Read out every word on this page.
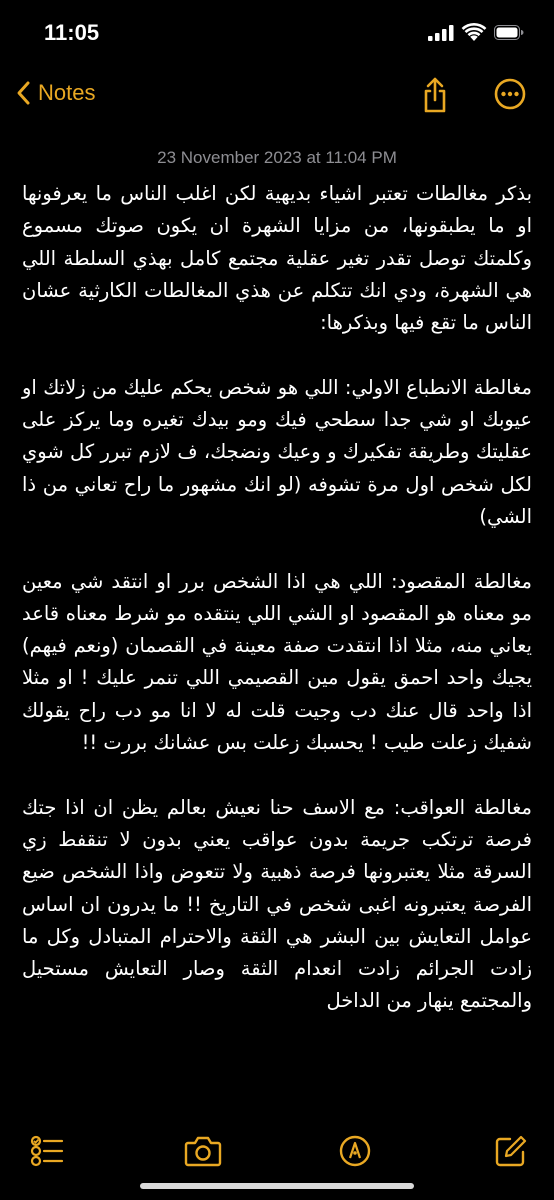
11:05
Notes
23 November 2023 at 11:04 PM
بذكر مغالطات تعتبر اشياء بديهية لكن اغلب الناس ما يعرفونها او ما يطبقونها، من مزايا الشهرة ان يكون صوتك مسموع وكلمتك توصل تقدر تغير عقلية مجتمع كامل بهذي السلطة اللي هي الشهرة، ودي انك تتكلم عن هذي المغالطات الكارثية عشان الناس ما تقع فيها وبذكرها:

مغالطة الانطباع الاولي: اللي هو شخص يحكم عليك من زلاتك او عيوبك او شي جدا سطحي فيك ومو بيدك تغيره وما يركز على عقليتك وطريقة تفكيرك و وعيك ونضجك، ف لازم تبرر كل شوي لكل شخص اول مرة تشوفه (لو انك مشهور ما راح تعاني من ذا الشي)

مغالطة المقصود: اللي هي اذا الشخص برر او انتقد شي معين مو معناه هو المقصود او الشي اللي ينتقده مو شرط معناه قاعد يعاني منه، مثلا اذا انتقدت صفة معينة في القصمان (ونعم فيهم) يجيك واحد احمق يقول مين القصيمي اللي تنمر عليك ! او مثلا اذا واحد قال عنك دب وجيت قلت له لا انا مو دب راح يقولك شفيك زعلت طيب ! يحسبك زعلت بس عشانك بررت !!

مغالطة العواقب: مع الاسف حنا نعيش بعالم يظن ان اذا جتك فرصة ترتكب جريمة بدون عواقب يعني بدون لا تنقفط زي السرقة مثلا يعتبرونها فرصة ذهبية ولا تتعوض واذا الشخص ضيع الفرصة يعتبرونه اغبى شخص في التاريخ !! ما يدرون ان اساس عوامل التعايش بين البشر هي الثقة والاحترام المتبادل وكل ما زادت الجرائم زادت انعدام الثقة وصار التعايش مستحيل والمجتمع ينهار من الداخل
